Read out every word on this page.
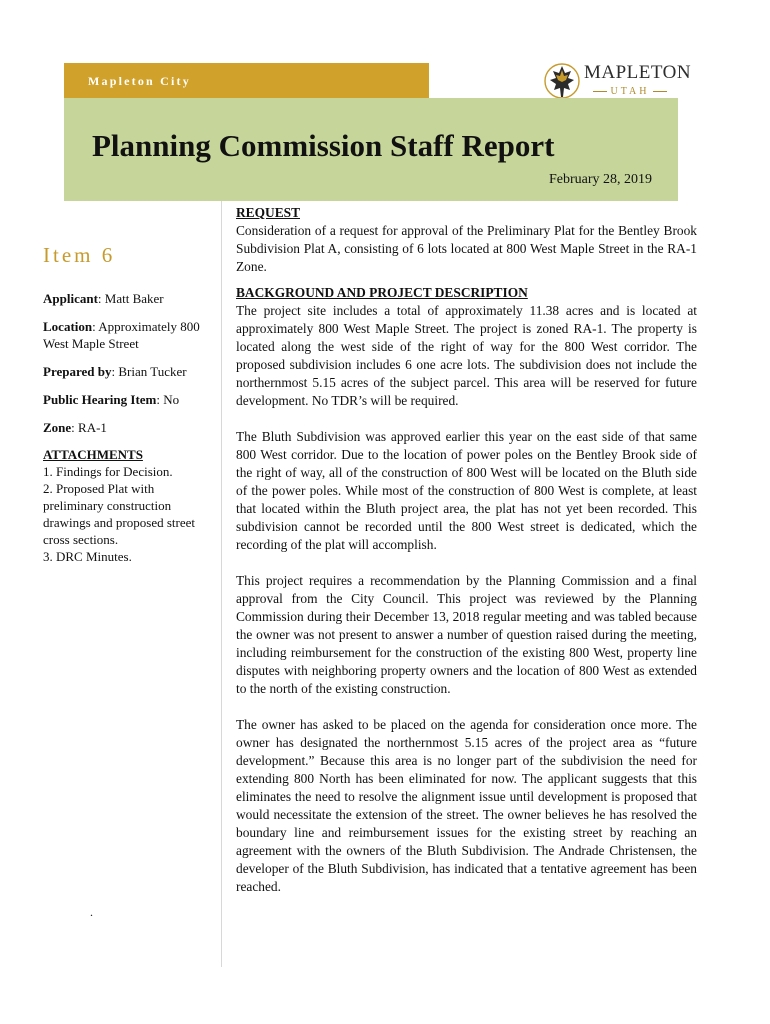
Mapleton City	MAPLETON
UTAH
Planning Commission Staff Report
February 28, 2019
Item 6

Applicant: Matt Baker

Location: Approximately 800 West Maple Street

Prepared by: Brian Tucker

Public Hearing Item: No

Zone: RA-1

ATTACHMENTS
1. Findings for Decision.
2. Proposed Plat with preliminary construction drawings and proposed street cross sections.
3. DRC Minutes.
.
REQUEST

Consideration of a request for approval of the Preliminary Plat for the Bentley Brook Subdivision Plat A, consisting of 6 lots located at 800 West Maple Street in the RA-1 Zone.

BACKGROUND AND PROJECT DESCRIPTION

The project site includes a total of approximately 11.38 acres and is located at approximately 800 West Maple Street. The project is zoned RA-1. The property is located along the west side of the right of way for the 800 West corridor. The proposed subdivision includes 6 one acre lots. The subdivision does not include the northernmost 5.15 acres of the subject parcel. This area will be reserved for future development. No TDR’s will be required.

The Bluth Subdivision was approved earlier this year on the east side of that same 800 West corridor. Due to the location of power poles on the Bentley Brook side of the right of way, all of the construction of 800 West will be located on the Bluth side of the power poles. While most of the construction of 800 West is complete, at least that located within the Bluth project area, the plat has not yet been recorded. This subdivision cannot be recorded until the 800 West street is dedicated, which the recording of the plat will accomplish.

This project requires a recommendation by the Planning Commission and a final approval from the City Council. This project was reviewed by the Planning Commission during their December 13, 2018 regular meeting and was tabled because the owner was not present to answer a number of question raised during the meeting, including reimbursement for the construction of the existing 800 West, property line disputes with neighboring property owners and the location of 800 West as extended to the north of the existing construction.

The owner has asked to be placed on the agenda for consideration once more. The owner has designated the northernmost 5.15 acres of the project area as “future development.” Because this area is no longer part of the subdivision the need for extending 800 North has been eliminated for now. The applicant suggests that this eliminates the need to resolve the alignment issue until development is proposed that would necessitate the extension of the street. The owner believes he has resolved the boundary line and reimbursement issues for the existing street by reaching an agreement with the owners of the Bluth Subdivision. The Andrade Christensen, the developer of the Bluth Subdivision, has indicated that a tentative agreement has been reached.
